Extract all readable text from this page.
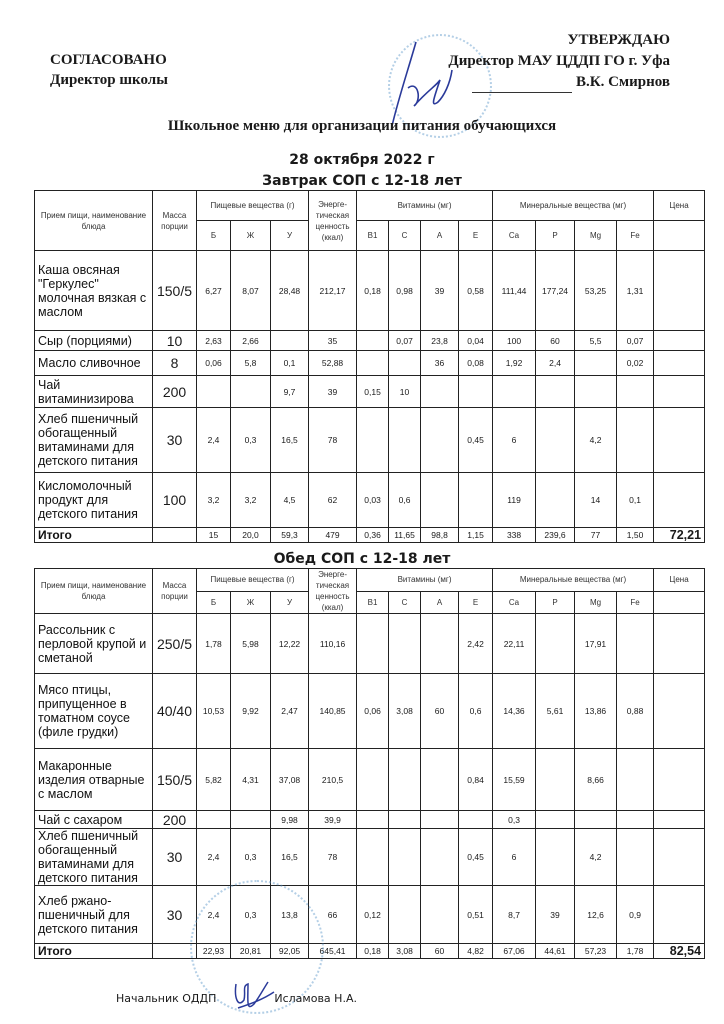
СОГЛАСОВАНО
Директор школы
УТВЕРЖДАЮ
Директор МАУ ЦДДП ГО г. Уфа
В.К. Смирнов
Школьное меню для организации питания обучающихся
28 октября 2022 г
Завтрак СОП с 12-18 лет
Прием пищи, наименование блюда	Масса порции	Пищевые вещества (г)			Энерге-тическая ценность (ккал)	Витамины (мг)				Минеральные вещества (мг)				Цена
		Б	Ж	У		B1	C	A	E	Ca	P	Mg	Fe	
Каша овсяная "Геркулес" молочная вязкая с маслом	150/5	6,27	8,07	28,48	212,17	0,18	0,98	39	0,58	111,44	177,24	53,25	1,31	
Сыр (порциями)	10	2,63	2,66		35		0,07	23,8	0,04	100	60	5,5	0,07	
Масло сливочное	8	0,06	5,8	0,1	52,88			36	0,08	1,92	2,4		0,02	
Чай витаминизирова	200			9,7	39	0,15	10							
Хлеб пшеничный обогащенный витаминами для детского питания	30	2,4	0,3	16,5	78				0,45	6		4,2		
Кисломолочный продукт для детского питания	100	3,2	3,2	4,5	62	0,03	0,6			119		14	0,1	
Итого		15	20,0	59,3	479	0,36	11,65	98,8	1,15	338	239,6	77	1,50	72,21
Обед СОП с 12-18 лет
Прием пищи, наименование блюда	Масса порции	Пищевые вещества (г)			Энерге-тическая ценность (ккал)	Витамины (мг)				Минеральные вещества (мг)				Цена
		Б	Ж	У		B1	C	A	E	Ca	P	Mg	Fe	
Рассольник с перловой крупой и сметаной	250/5	1,78	5,98	12,22	110,16				2,42	22,11		17,91		
Мясо птицы, припущенное в томатном соусе (филе грудки)	40/40	10,53	9,92	2,47	140,85	0,06	3,08	60	0,6	14,36	5,61	13,86	0,88	
Макаронные изделия отварные с маслом	150/5	5,82	4,31	37,08	210,5				0,84	15,59		8,66		
Чай с сахаром	200			9,98	39,9					0,3				
Хлеб пшеничный обогащенный витаминами для детского питания	30	2,4	0,3	16,5	78				0,45	6		4,2		
Хлеб ржано-пшеничный для детского питания	30	2,4	0,3	13,8	66	0,12			0,51	8,7	39	12,6	0,9	
Итого		22,93	20,81	92,05	645,41	0,18	3,08	60	4,82	67,06	44,61	57,23	1,78	82,54
Начальник ОДДП	Исламова Н.А.
